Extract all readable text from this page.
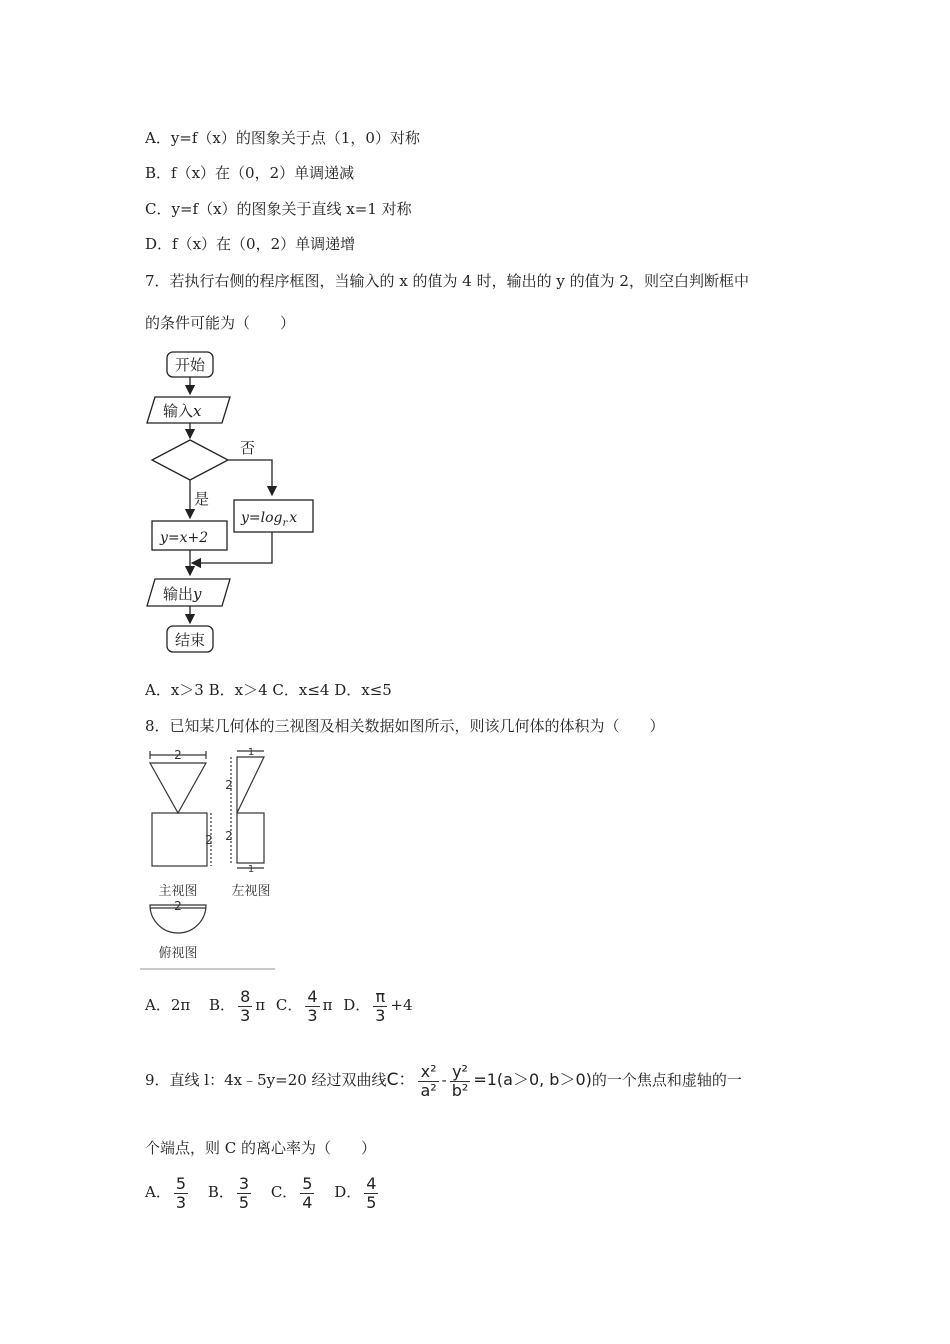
A．y=f（x）的图象关于点（1，0）对称
B．f（x）在（0，2）单调递减
C．y=f（x）的图象关于直线 x=1 对称
D．f（x）在（0，2）单调递增
7．若执行右侧的程序框图，当输入的 x 的值为 4 时，输出的 y 的值为 2，则空白判断框中
的条件可能为（　　）
开始
输入x
否
是
y=x+2
$y=\log_r$ x
输出y
结束
A．x＞3 B．x＞4 C．x≤4 D．x≤5
8．已知某几何体的三视图及相关数据如图所示，则该几何体的体积为（　　）
2
2
1
2
2
1
2
主视图	左视图
俯视图
A．2π B． $\frac{8}{3}$ π C． $\frac{4}{3}$ π D． $\frac{\pi}{3} +4$
9．直线 l：4x﹣5y=20 经过双曲线C： $\frac{\text{x²}}{\text{a²}} - \frac{\text{y²}}{\text{b²}} =1(a>0$, b＞0)的一个焦点和虚轴的一
个端点，则 C 的离心率为（　　）
A． $\frac{5}{3}$ B． $\frac{3}{5}$ C． $\frac{5}{4}$ D． $\frac{4}{5}$
